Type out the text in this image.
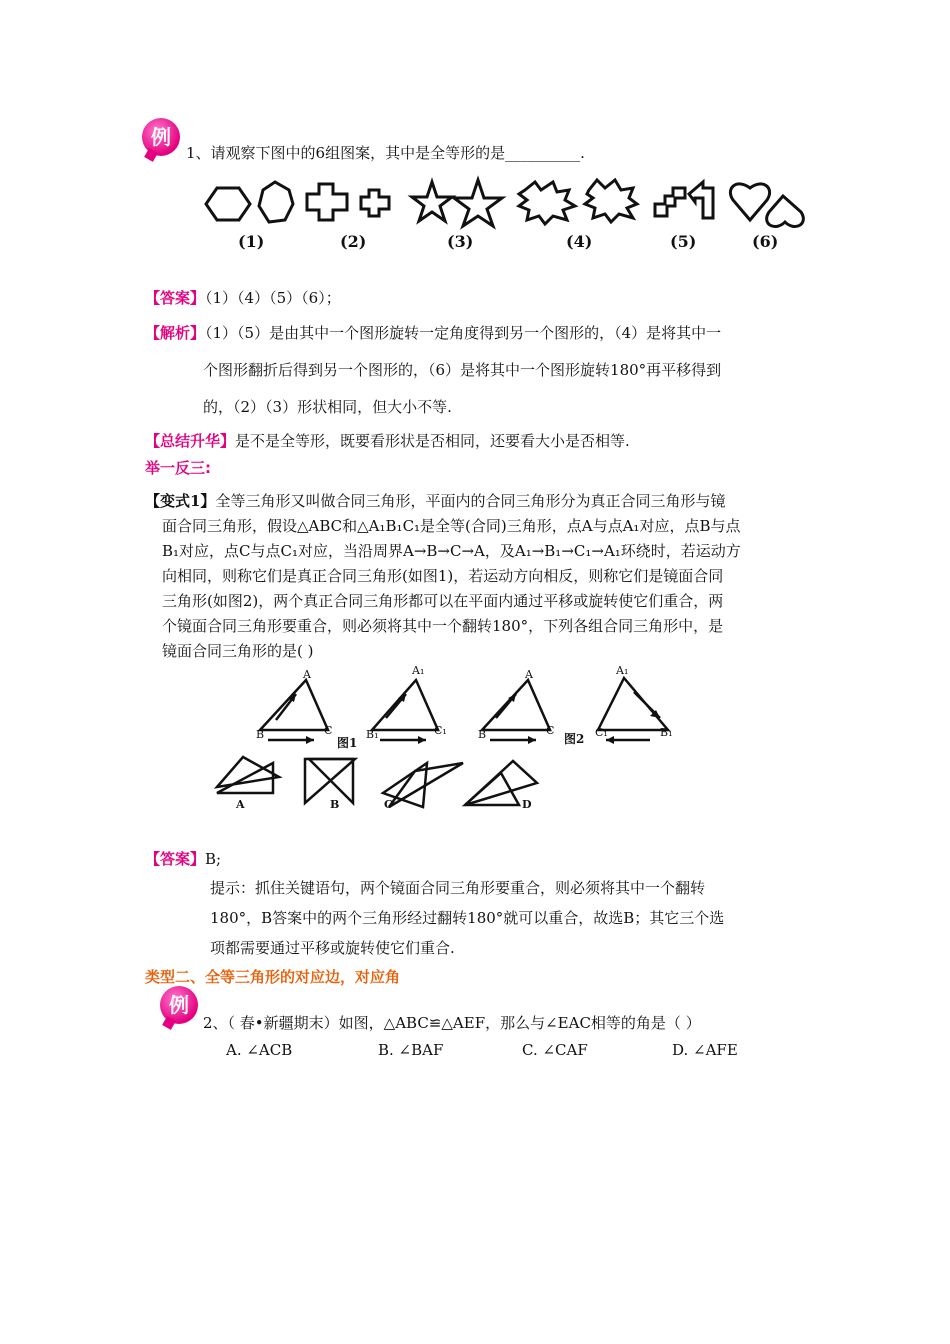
例
1、请观察下图中的6组图案，其中是全等形的是__________.
(1)	(2)	(3)	(4)	(5)	(6)
【答案】（1）（4）（5）（6）；
【解析】（1）（5）是由其中一个图形旋转一定角度得到另一个图形的，（4）是将其中一
个图形翻折后得到另一个图形的，（6）是将其中一个图形旋转180°再平移得到
的，（2）（3）形状相同，但大小不等.
【总结升华】是不是全等形，既要看形状是否相同，还要看大小是否相等.
举一反三:
【变式1】全等三角形又叫做合同三角形，平面内的合同三角形分为真正合同三角形与镜
面合同三角形，假设△ABC和△A₁B₁C₁是全等(合同)三角形，点A与点A₁对应，点B与点
B₁对应，点C与点C₁对应，当沿周界A→B→C→A，及A₁→B₁→C₁→A₁环绕时，若运动方
向相同，则称它们是真正合同三角形(如图1)，若运动方向相反，则称它们是镜面合同
三角形(如图2)，两个真正合同三角形都可以在平面内通过平移或旋转使它们重合，两
个镜面合同三角形要重合，则必须将其中一个翻转180°，下列各组合同三角形中，是
镜面合同三角形的是( )
A
B	C
图1
A₁
B₁	C₁
A
B	C
图2
A₁
C₁	B₁
A	B	C	D
【答案】B;
提示：抓住关键语句，两个镜面合同三角形要重合，则必须将其中一个翻转
180°，B答案中的两个三角形经过翻转180°就可以重合，故选B；其它三个选
项都需要通过平移或旋转使它们重合.
类型二、全等三角形的对应边，对应角
例
2、（ 春•新疆期末）如图，△ABC≌△AEF，那么与∠EAC相等的角是（ ）
A. ∠ACB	B. ∠BAF	C. ∠CAF	D. ∠AFE
